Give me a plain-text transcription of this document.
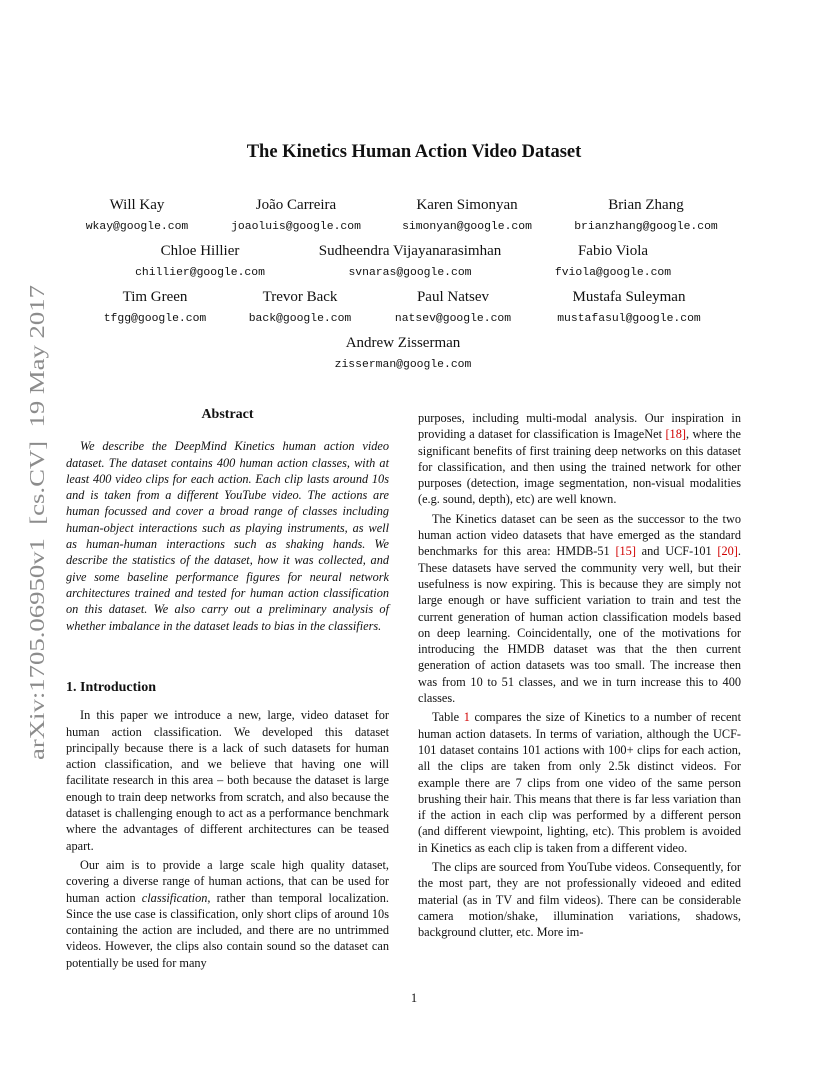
The Kinetics Human Action Video Dataset
Will Kay
wkay@google.com
João Carreira
joaoluis@google.com
Karen Simonyan
simonyan@google.com
Brian Zhang
brianzhang@google.com
Chloe Hillier
chillier@google.com
Sudheendra Vijayanarasimhan
svnaras@google.com
Fabio Viola
fviola@google.com
Tim Green
tfgg@google.com
Trevor Back
back@google.com
Paul Natsev
natsev@google.com
Mustafa Suleyman
mustafasul@google.com
Andrew Zisserman
zisserman@google.com
arXiv:1705.06950v1  [cs.CV]  19 May 2017	Abstract

We describe the DeepMind Kinetics human action video dataset. The dataset contains 400 human action classes, with at least 400 video clips for each action. Each clip lasts around 10s and is taken from a different YouTube video. The actions are human focussed and cover a broad range of classes including human-object interactions such as playing instruments, as well as human-human interactions such as shaking hands. We describe the statistics of the dataset, how it was collected, and give some baseline performance figures for neural network architectures trained and tested for human action classification on this dataset. We also carry out a preliminary analysis of whether imbalance in the dataset leads to bias in the classifiers.

1. Introduction

In this paper we introduce a new, large, video dataset for human action classification. We developed this dataset principally because there is a lack of such datasets for human action classification, and we believe that having one will facilitate research in this area – both because the dataset is large enough to train deep networks from scratch, and also because the dataset is challenging enough to act as a performance benchmark where the advantages of different architectures can be teased apart.

Our aim is to provide a large scale high quality dataset, covering a diverse range of human actions, that can be used for human action classification, rather than temporal localization. Since the use case is classification, only short clips of around 10s containing the action are included, and there are no untrimmed videos. However, the clips also contain sound so the dataset can potentially be used for many

purposes, including multi-modal analysis. Our inspiration in providing a dataset for classification is ImageNet [18], where the significant benefits of first training deep networks on this dataset for classification, and then using the trained network for other purposes (detection, image segmentation, non-visual modalities (e.g. sound, depth), etc) are well known.

The Kinetics dataset can be seen as the successor to the two human action video datasets that have emerged as the standard benchmarks for this area: HMDB-51 [15] and UCF-101 [20]. These datasets have served the community very well, but their usefulness is now expiring. This is because they are simply not large enough or have sufficient variation to train and test the current generation of human action classification models based on deep learning. Coincidentally, one of the motivations for introducing the HMDB dataset was that the then current generation of action datasets was too small. The increase then was from 10 to 51 classes, and we in turn increase this to 400 classes.

Table 1 compares the size of Kinetics to a number of recent human action datasets. In terms of variation, although the UCF-101 dataset contains 101 actions with 100+ clips for each action, all the clips are taken from only 2.5k distinct videos. For example there are 7 clips from one video of the same person brushing their hair. This means that there is far less variation than if the action in each clip was performed by a different person (and different viewpoint, lighting, etc). This problem is avoided in Kinetics as each clip is taken from a different video.

The clips are sourced from YouTube videos. Consequently, for the most part, they are not professionally videoed and edited material (as in TV and film videos). There can be considerable camera motion/shake, illumination variations, shadows, background clutter, etc. More im-

1
